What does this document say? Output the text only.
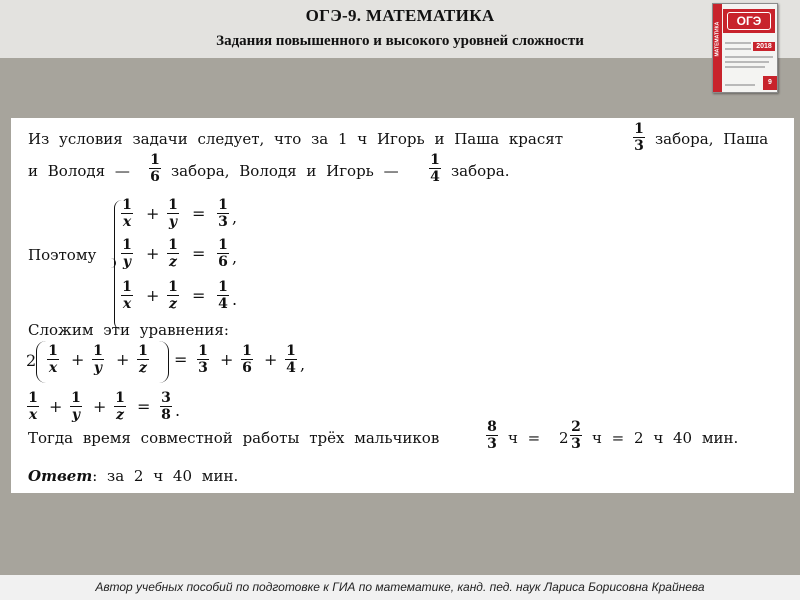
ОГЭ-9. МАТЕМАТИКА
Задания повышенного и высокого уровней сложности	МАТЕМАТИКА
ОГЭ
2018
9
Из условия задачи следует, что за 1 ч Игорь и Паша красят	$\frac{1}{3}$ забора, Паша
и Володя — $\frac{1}{6}$ забора, Володя и Игорь — $\frac{1}{4}$ забора.
Поэтому
$\frac{1}{x} + \frac{1}{y} = \frac{1}{3}$ ,
$\frac{1}{y} + \frac{1}{z} = \frac{1}{6}$ ,
$\frac{1}{x} + \frac{1}{z} = \frac{1}{4}$ .
Сложим эти уравнения:
$2 \frac{1}{x} + \frac{1}{y} + \frac{1}{z} = \frac{1}{3} + \frac{1}{6} + \frac{1}{4}$ ,
$\frac{1}{x} + \frac{1}{y} + \frac{1}{z} = \frac{3}{8}$ .
Тогда время совместной работы трёх мальчиков	$\frac{8}{3}$ $ч = 2 \frac{2}{3}$ ч = 2 ч 40 мин.
Ответ: за 2 ч 40 мин.
Автор учебных пособий по подготовке к ГИА по математике, канд. пед. наук Лариса Борисовна Крайнева
